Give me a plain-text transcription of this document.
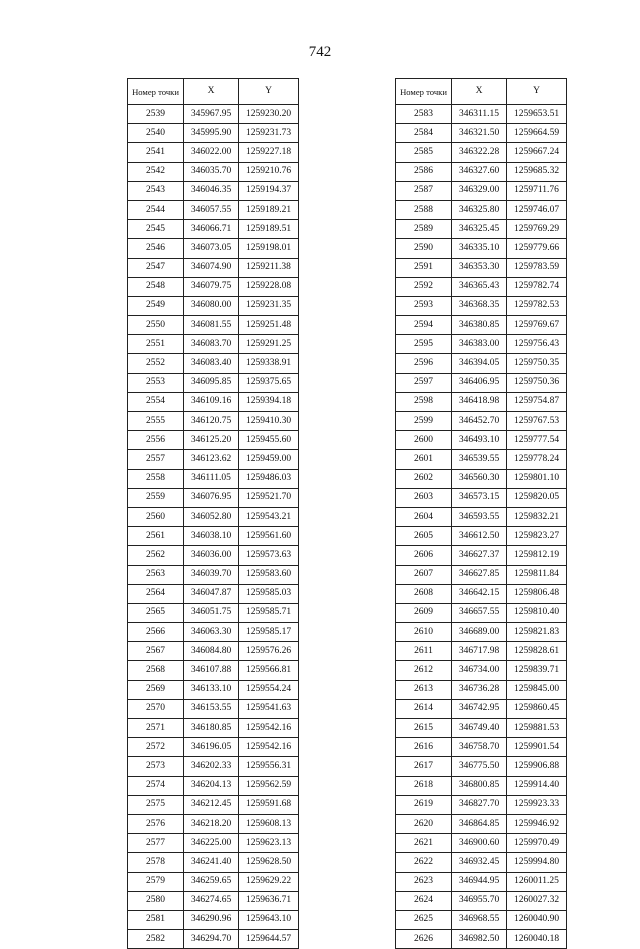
742
Номер точки	X	Y
2539	345967.95	1259230.20
2540	345995.90	1259231.73
2541	346022.00	1259227.18
2542	346035.70	1259210.76
2543	346046.35	1259194.37
2544	346057.55	1259189.21
2545	346066.71	1259189.51
2546	346073.05	1259198.01
2547	346074.90	1259211.38
2548	346079.75	1259228.08
2549	346080.00	1259231.35
2550	346081.55	1259251.48
2551	346083.70	1259291.25
2552	346083.40	1259338.91
2553	346095.85	1259375.65
2554	346109.16	1259394.18
2555	346120.75	1259410.30
2556	346125.20	1259455.60
2557	346123.62	1259459.00
2558	346111.05	1259486.03
2559	346076.95	1259521.70
2560	346052.80	1259543.21
2561	346038.10	1259561.60
2562	346036.00	1259573.63
2563	346039.70	1259583.60
2564	346047.87	1259585.03
2565	346051.75	1259585.71
2566	346063.30	1259585.17
2567	346084.80	1259576.26
2568	346107.88	1259566.81
2569	346133.10	1259554.24
2570	346153.55	1259541.63
2571	346180.85	1259542.16
2572	346196.05	1259542.16
2573	346202.33	1259556.31
2574	346204.13	1259562.59
2575	346212.45	1259591.68
2576	346218.20	1259608.13
2577	346225.00	1259623.13
2578	346241.40	1259628.50
2579	346259.65	1259629.22
2580	346274.65	1259636.71
2581	346290.96	1259643.10
2582	346294.70	1259644.57
Номер точки	X	Y
2583	346311.15	1259653.51
2584	346321.50	1259664.59
2585	346322.28	1259667.24
2586	346327.60	1259685.32
2587	346329.00	1259711.76
2588	346325.80	1259746.07
2589	346325.45	1259769.29
2590	346335.10	1259779.66
2591	346353.30	1259783.59
2592	346365.43	1259782.74
2593	346368.35	1259782.53
2594	346380.85	1259769.67
2595	346383.00	1259756.43
2596	346394.05	1259750.35
2597	346406.95	1259750.36
2598	346418.98	1259754.87
2599	346452.70	1259767.53
2600	346493.10	1259777.54
2601	346539.55	1259778.24
2602	346560.30	1259801.10
2603	346573.15	1259820.05
2604	346593.55	1259832.21
2605	346612.50	1259823.27
2606	346627.37	1259812.19
2607	346627.85	1259811.84
2608	346642.15	1259806.48
2609	346657.55	1259810.40
2610	346689.00	1259821.83
2611	346717.98	1259828.61
2612	346734.00	1259839.71
2613	346736.28	1259845.00
2614	346742.95	1259860.45
2615	346749.40	1259881.53
2616	346758.70	1259901.54
2617	346775.50	1259906.88
2618	346800.85	1259914.40
2619	346827.70	1259923.33
2620	346864.85	1259946.92
2621	346900.60	1259970.49
2622	346932.45	1259994.80
2623	346944.95	1260011.25
2624	346955.70	1260027.32
2625	346968.55	1260040.90
2626	346982.50	1260040.18
